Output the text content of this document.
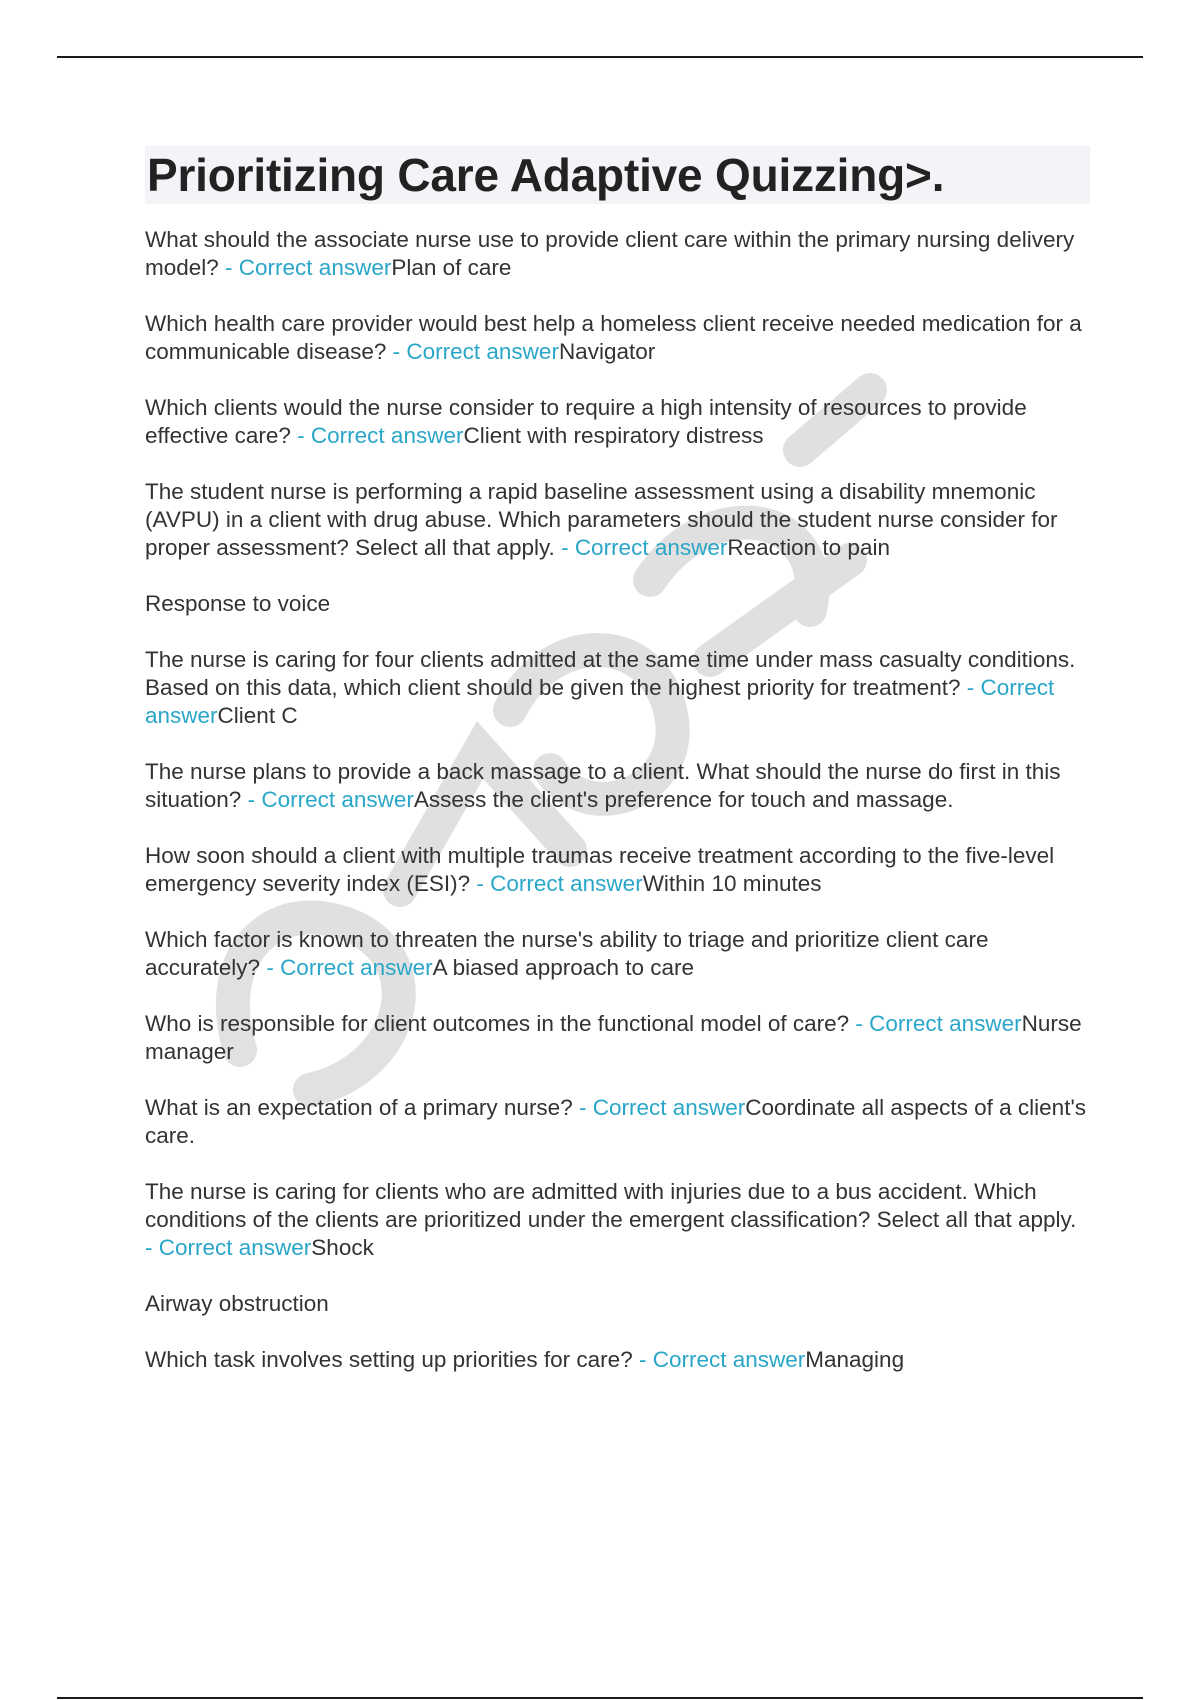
Prioritizing Care Adaptive Quizzing>.

What should the associate nurse use to provide client care within the primary nursing delivery model? - Correct answerPlan of care

Which health care provider would best help a homeless client receive needed medication for a communicable disease? - Correct answerNavigator

Which clients would the nurse consider to require a high intensity of resources to provide effective care? - Correct answerClient with respiratory distress

The student nurse is performing a rapid baseline assessment using a disability mnemonic (AVPU) in a client with drug abuse. Which parameters should the student nurse consider for proper assessment? Select all that apply. - Correct answerReaction to pain

Response to voice

The nurse is caring for four clients admitted at the same time under mass casualty conditions. Based on this data, which client should be given the highest priority for treatment? - Correct answerClient C

The nurse plans to provide a back massage to a client. What should the nurse do first in this situation? - Correct answerAssess the client's preference for touch and massage.

How soon should a client with multiple traumas receive treatment according to the five-level emergency severity index (ESI)? - Correct answerWithin 10 minutes

Which factor is known to threaten the nurse's ability to triage and prioritize client care accurately? - Correct answerA biased approach to care

Who is responsible for client outcomes in the functional model of care? - Correct answerNurse manager

What is an expectation of a primary nurse? - Correct answerCoordinate all aspects of a client's care.

The nurse is caring for clients who are admitted with injuries due to a bus accident. Which conditions of the clients are prioritized under the emergent classification? Select all that apply. - Correct answerShock

Airway obstruction

Which task involves setting up priorities for care? - Correct answerManaging
